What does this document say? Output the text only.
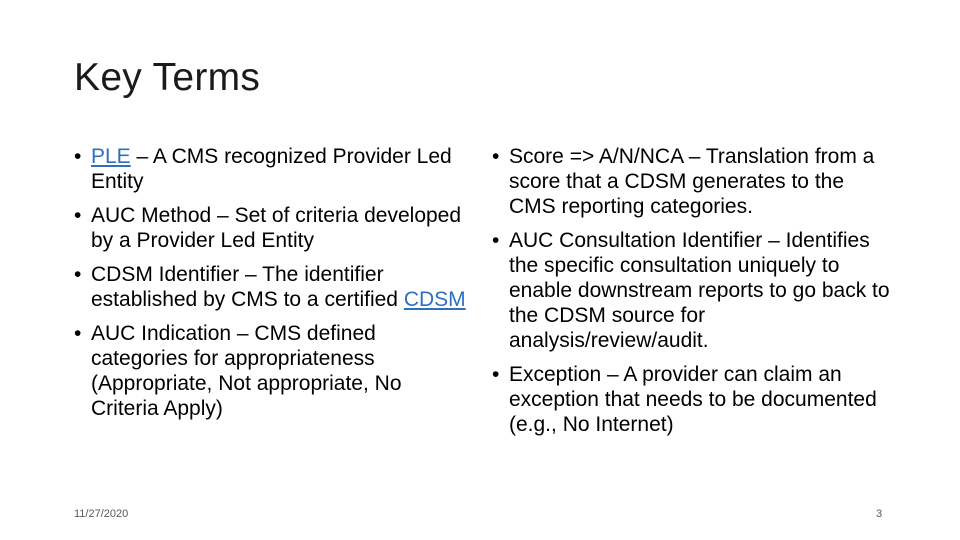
Key Terms
• PLE – A CMS recognized Provider Led Entity
• AUC Method – Set of criteria developed by a Provider Led Entity
• CDSM Identifier – The identifier established by CMS to a certified CDSM
• AUC Indication – CMS defined categories for appropriateness (Appropriate, Not appropriate, No Criteria Apply)
• Score => A/N/NCA – Translation from a score that a CDSM generates to the CMS reporting categories.
• AUC Consultation Identifier – Identifies the specific consultation uniquely to enable downstream reports to go back to the CDSM source for analysis/review/audit.
• Exception – A provider can claim an exception that needs to be documented (e.g., No Internet)
11/27/2020	3
